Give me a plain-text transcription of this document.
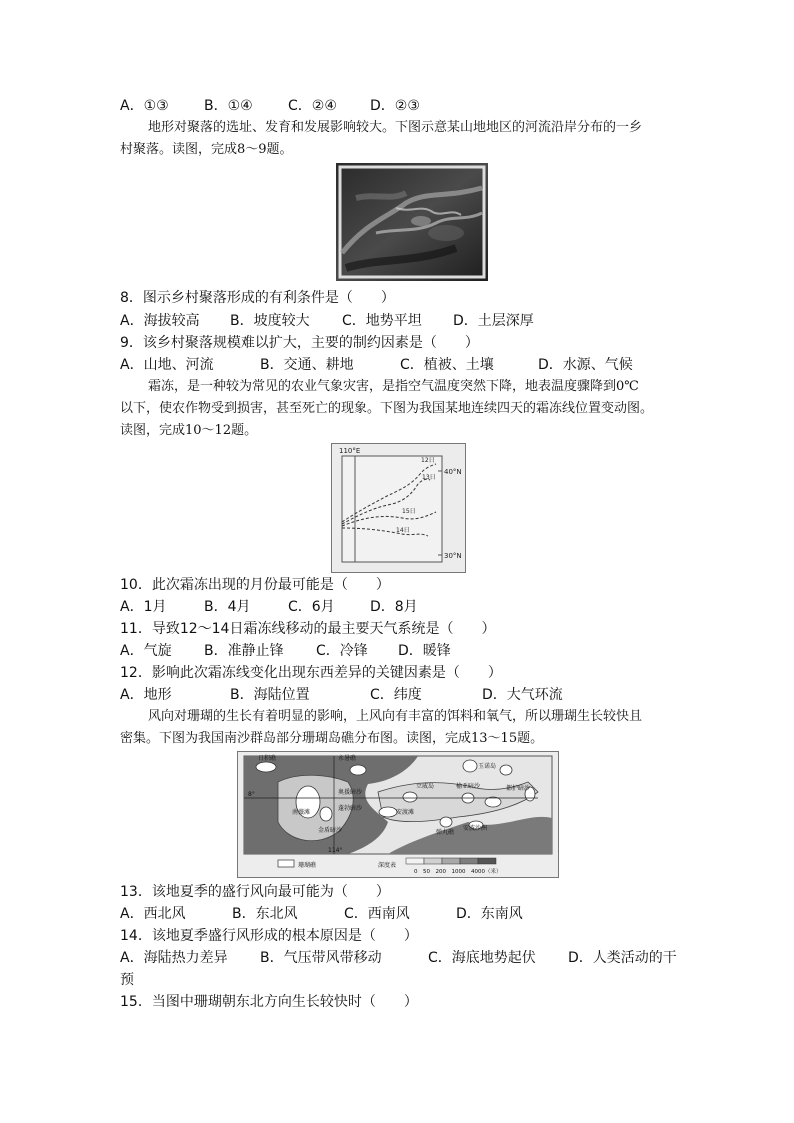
A．①③	B．①④	C．②④ D．②③
地形对聚落的选址、发育和发展影响较大。下图示意某山地地区的河流沿岸分布的一乡
村聚落。读图，完成8～9题。
8．图示乡村聚落形成的有利条件是（　　）
A．海拔较高 B．坡度较大 C．地势平坦 D．土层深厚
9．该乡村聚落规模难以扩大，主要的制约因素是（　　）
A．山地、河流	B．交通、耕地	C．植被、土壤	D．水源、气候
霜冻，是一种较为常见的农业气象灾害，是指空气温度突然下降，地表温度骤降到0℃
以下，使农作物受到损害，甚至死亡的现象。下图为我国某地连续四天的霜冻线位置变动图。
读图，完成10～12题。
110°E
40°N
30°N
12日
13日
15日
14日
10．此次霜冻出现的月份最可能是（　　）
A．1月	B．4月	C．6月	D．8月
11．导致12～14日霜冻线移动的最主要天气系统是（　　）
A．气旋 B．准静止锋 C．冷锋 D．暖锋
12．影响此次霜冻线变化出现东西差异的关键因素是（　　）
A．地形	B．海陆位置	C．纬度	D．大气环流
风向对珊瑚的生长有着明显的影响，上风向有丰富的饵料和氧气，所以珊瑚生长较快且
密集。下图为我国南沙群岛部分珊瑚岛礁分布图。读图，完成13～15题。
日积礁	永暑礁
南薇滩
奥援暗沙
蓬勃暗沙
立威岛	榆亚暗沙	都护暗沙
玉诺岛
安渡滩
安波沙洲
弹丸礁
金盾暗沙
8°
114°
珊瑚礁	深度表
0　50　200　1000　4000（米）
13．该地夏季的盛行风向最可能为（　　）
A．西北风	B．东北风	C．西南风	D．东南风
14．该地夏季盛行风形成的根本原因是（　　）
A．海陆热力差异 B．气压带风带移动	C．海底地势起伏 D．人类活动的干
预
15．当图中珊瑚朝东北方向生长较快时（　　）
